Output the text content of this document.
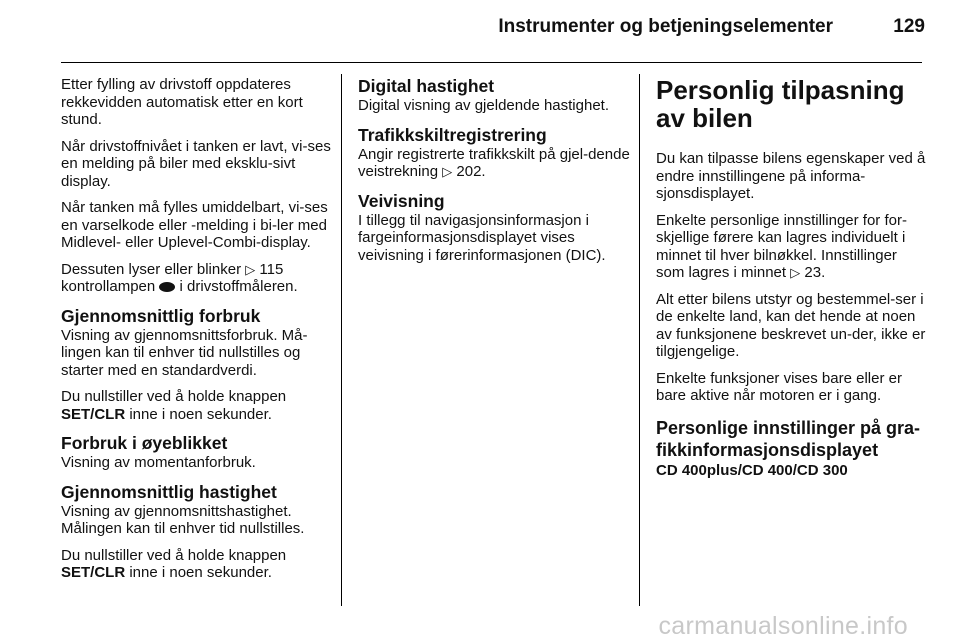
Instrumenter og betjeningselementer	129

Etter fylling av drivstoff oppdateres rekkevidden automatisk etter en kort stund.

Når drivstoffnivået i tanken er lavt, vi-ses en melding på biler med eksklu-sivt display.

Når tanken må fylles umiddelbart, vi-ses en varselkode eller -melding i bi-ler med Midlevel- eller Uplevel-Combi-display.

Dessuten lyser eller blinker ▷ 115
kontrollampen  i drivstoffmåleren.

Gjennomsnittlig forbruk

Visning av gjennomsnittsforbruk. Må-lingen kan til enhver tid nullstilles og starter med en standardverdi.

Du nullstiller ved å holde knappen
SET/CLR inne i noen sekunder.

Forbruk i øyeblikket

Visning av momentanforbruk.

Gjennomsnittlig hastighet

Visning av gjennomsnittshastighet. Målingen kan til enhver tid nullstilles.

Du nullstiller ved å holde knappen
SET/CLR inne i noen sekunder.

Digital hastighet

Digital visning av gjeldende hastighet.

Trafikkskiltregistrering

Angir registrerte trafikkskilt på gjel-dende veistrekning ▷ 202.

Veivisning

I tillegg til navigasjonsinformasjon i fargeinformasjonsdisplayet vises veivisning i førerinformasjonen (DIC).

Personlig tilpasning av bilen

Du kan tilpasse bilens egenskaper ved å endre innstillingene på informa-sjonsdisplayet.

Enkelte personlige innstillinger for for-skjellige førere kan lagres individuelt i minnet til hver bilnøkkel. Innstillinger som lagres i minnet ▷ 23.

Alt etter bilens utstyr og bestemmel-ser i de enkelte land, kan det hende at noen av funksjonene beskrevet un-der, ikke er tilgjengelige.

Enkelte funksjoner vises bare eller er bare aktive når motoren er i gang.

Personlige innstillinger på gra-fikkinformasjonsdisplayet

CD 400plus/CD 400/CD 300

carmanualsonline.info
